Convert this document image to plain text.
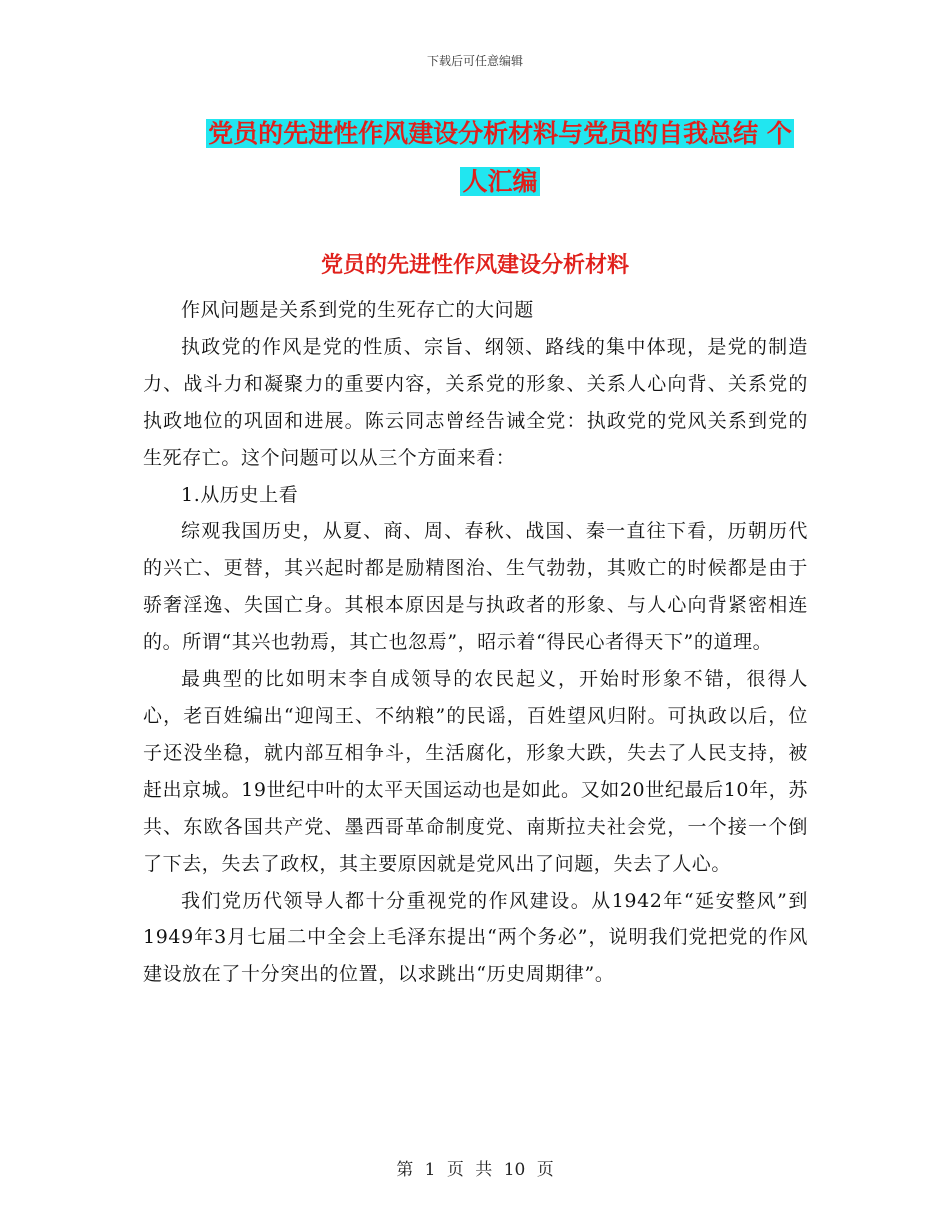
下载后可任意编辑
党员的先进性作风建设分析材料与党员的自我总结 个
人汇编
党员的先进性作风建设分析材料

作风问题是关系到党的生死存亡的大问题

执政党的作风是党的性质、宗旨、纲领、路线的集中体现，是党的制造力、战斗力和凝聚力的重要内容，关系党的形象、关系人心向背、关系党的执政地位的巩固和进展。陈云同志曾经告诫全党：执政党的党风关系到党的生死存亡。这个问题可以从三个方面来看：

1.从历史上看

综观我国历史，从夏、商、周、春秋、战国、秦一直往下看，历朝历代的兴亡、更替，其兴起时都是励精图治、生气勃勃，其败亡的时候都是由于骄奢淫逸、失国亡身。其根本原因是与执政者的形象、与人心向背紧密相连的。所谓“其兴也勃焉，其亡也忽焉”，昭示着“得民心者得天下”的道理。

最典型的比如明末李自成领导的农民起义，开始时形象不错，很得人心，老百姓编出“迎闯王、不纳粮”的民谣，百姓望风归附。可执政以后，位子还没坐稳，就内部互相争斗，生活腐化，形象大跌，失去了人民支持，被赶出京城。19世纪中叶的太平天国运动也是如此。又如20世纪最后10年，苏共、东欧各国共产党、墨西哥革命制度党、南斯拉夫社会党，一个接一个倒了下去，失去了政权，其主要原因就是党风出了问题，失去了人心。

我们党历代领导人都十分重视党的作风建设。从1942年“延安整风”到1949年3月七届二中全会上毛泽东提出“两个务必”，说明我们党把党的作风建设放在了十分突出的位置，以求跳出“历史周期律”。

第 1 页 共 10 页
